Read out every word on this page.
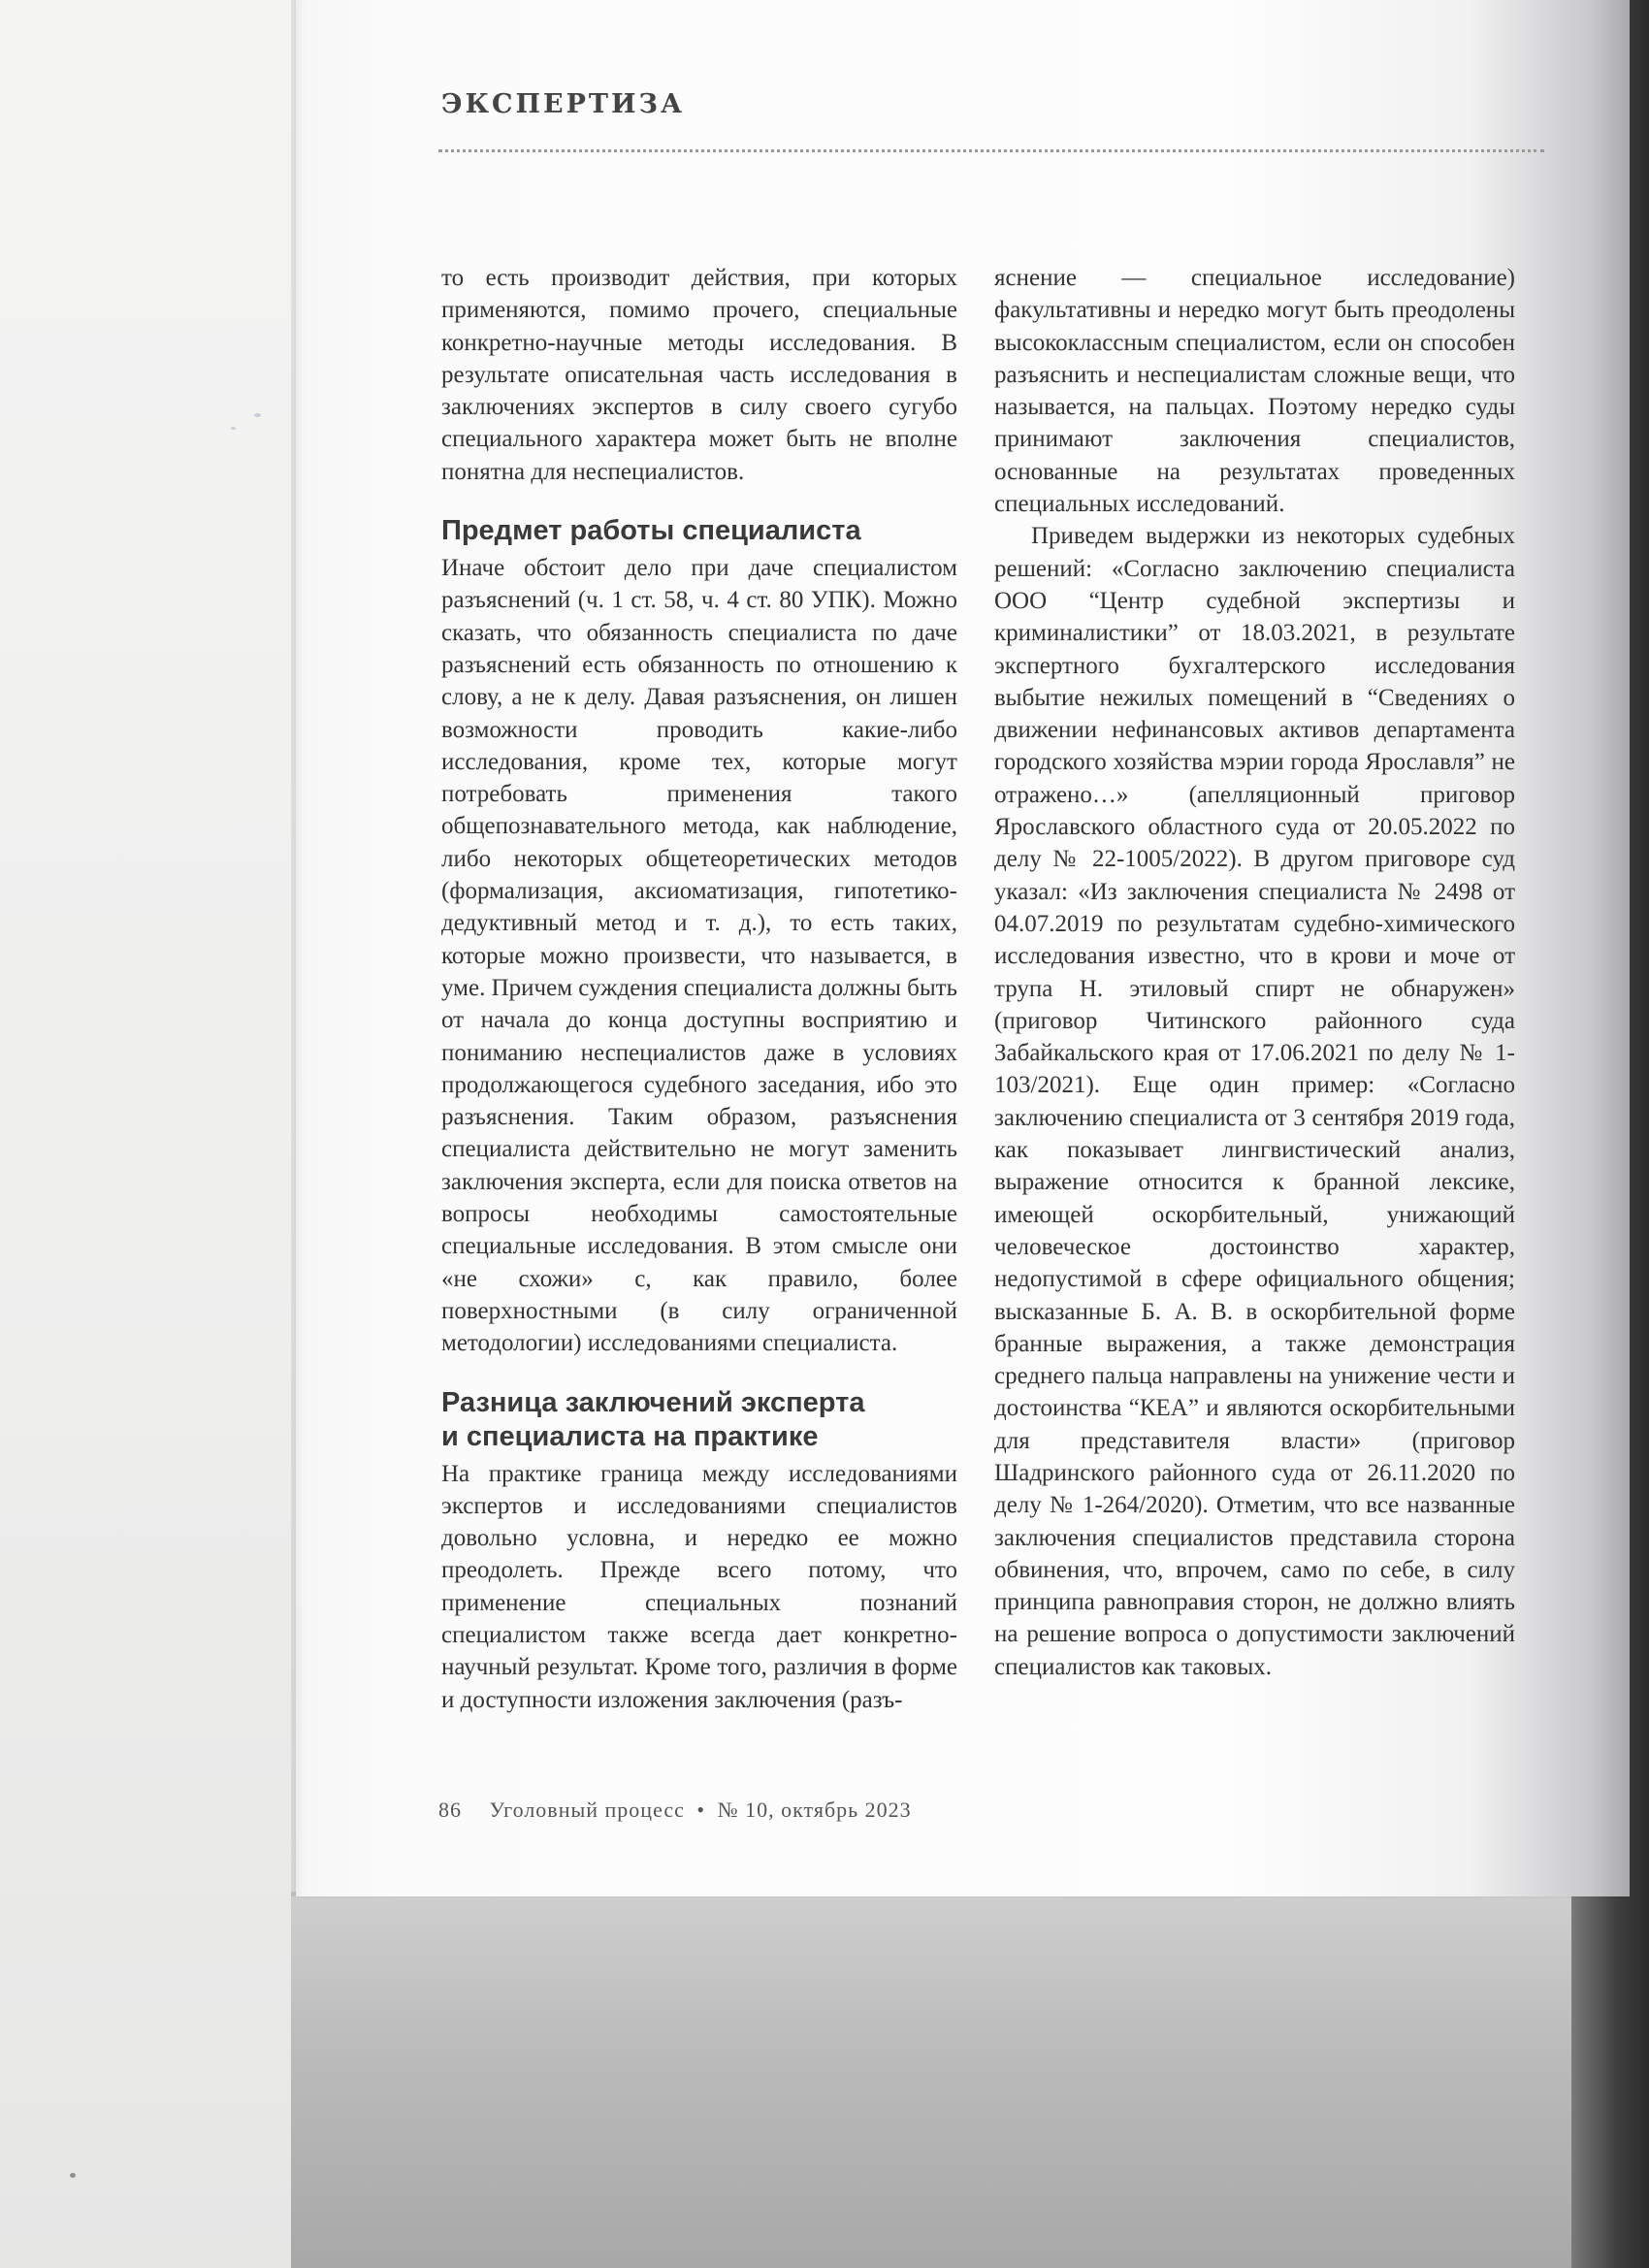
ЭКСПЕРТИЗА

то есть производит действия, при которых применяются, помимо прочего, специальные конкретно-научные методы исследования. В результате описательная часть исследования в заключениях экспертов в силу своего сугубо специального характера может быть не вполне понятна для неспециалистов.

Предмет работы специалиста

Иначе обстоит дело при даче специалистом разъяснений (ч. 1 ст. 58, ч. 4 ст. 80 УПК). Можно сказать, что обязанность специалиста по даче разъяснений есть обязанность по отношению к слову, а не к делу. Давая разъяснения, он лишен возможности проводить какие-либо исследования, кроме тех, которые могут потребовать применения такого общепознавательного метода, как наблюдение, либо некоторых общетеоретических методов (формализация, аксиоматизация, гипотетико-дедуктивный метод и т. д.), то есть таких, которые можно произвести, что называется, в уме. Причем суждения специалиста должны быть от начала до конца доступны восприятию и пониманию неспециалистов даже в условиях продолжающегося судебного заседания, ибо это разъяснения. Таким образом, разъяснения специалиста действительно не могут заменить заключения эксперта, если для поиска ответов на вопросы необходимы самостоятельные специальные исследования. В этом смысле они «не схожи» с, как правило, более поверхностными (в силу ограниченной методологии) исследованиями специалиста.

Разница заключений эксперта
и специалиста на практике

На практике граница между исследованиями экспертов и исследованиями специалистов довольно условна, и нередко ее можно преодолеть. Прежде всего потому, что применение специальных познаний специалистом также всегда дает конкретно-научный результат. Кроме того, различия в форме и доступности изложения заключения (разъ-

яснение — специальное исследование) факультативны и нередко могут быть преодолены высококлассным специалистом, если он способен разъяснить и неспециалистам сложные вещи, что называется, на пальцах. Поэтому нередко суды принимают заключения специалистов, основанные на результатах проведенных специальных исследований.

Приведем выдержки из некоторых судебных решений: «Согласно заключению специалиста ООО “Центр судебной экспертизы и криминалистики” от 18.03.2021, в результате экспертного бухгалтерского исследования выбытие нежилых помещений в “Сведениях о движении нефинансовых активов департамента городского хозяйства мэрии города Ярославля” не отражено…» (апелляционный приговор Ярославского областного суда от 20.05.2022 по делу № 22-1005/2022). В другом приговоре суд указал: «Из заключения специалиста № 2498 от 04.07.2019 по результатам судебно-химического исследования известно, что в крови и моче от трупа Н. этиловый спирт не обнаружен» (приговор Читинского районного суда Забайкальского края от 17.06.2021 по делу № 1-103/2021). Еще один пример: «Согласно заключению специалиста от 3 сентября 2019 года, как показывает лингвистический анализ, выражение относится к бранной лексике, имеющей оскорбительный, унижающий человеческое достоинство характер, недопустимой в сфере официального общения; высказанные Б. А. В. в оскорбительной форме бранные выражения, а также демонстрация среднего пальца направлены на унижение чести и достоинства “КЕА” и являются оскорбительными для представителя власти» (приговор Шадринского районного суда от 26.11.2020 по делу № 1-264/2020). Отметим, что все названные заключения специалистов представила сторона обвинения, что, впрочем, само по себе, в силу принципа равноправия сторон, не должно влиять на решение вопроса о допустимости заключений специалистов как таковых.

86 Уголовный процесс • № 10, октябрь 2023
